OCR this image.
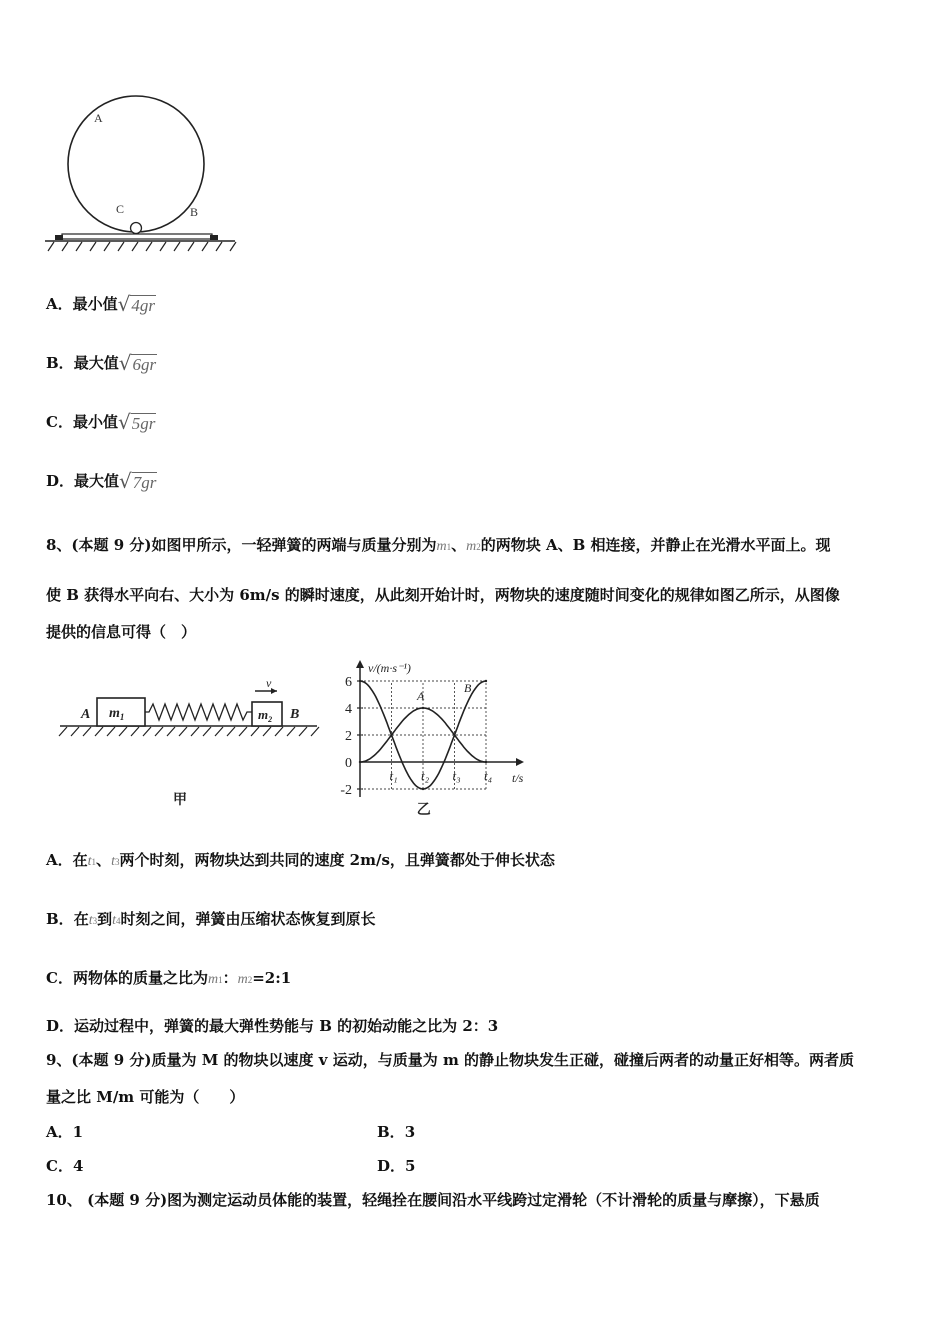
A
C	B
A．最小值√4gr
B．最大值√6gr
C．最小值√5gr
D．最大值√7gr
8、(本题 9 分)如图甲所示，一轻弹簧的两端与质量分别为m1、m2的两物块 A、B 相连接，并静止在光滑水平面上。现
使 B 获得水平向右、大小为 6m/s 的瞬时速度，从此刻开始计时，两物块的速度随时间变化的规律如图乙所示，从图像
提供的信息可得（　）
v
A	B
$m_1$	$m_2$
甲
v/(m·s⁻¹)
t/s
6
4
2
0
-2
t₁ t₂ t₃ t₄
A
B
乙
A．在t1、t3两个时刻，两物块达到共同的速度 2m/s，且弹簧都处于伸长状态
B．在t3到t4时刻之间，弹簧由压缩状态恢复到原长
C．两物体的质量之比为m1：m2=2:1
D．运动过程中，弹簧的最大弹性势能与 B 的初始动能之比为 2：3
9、(本题 9 分)质量为 M 的物块以速度 v 运动，与质量为 m 的静止物块发生正碰，碰撞后两者的动量正好相等。两者质
量之比 M/m 可能为（　　）
A．1	B．3
C．4	D．5
10、 (本题 9 分)图为测定运动员体能的装置，轻绳拴在腰间沿水平线跨过定滑轮（不计滑轮的质量与摩擦），下悬质
